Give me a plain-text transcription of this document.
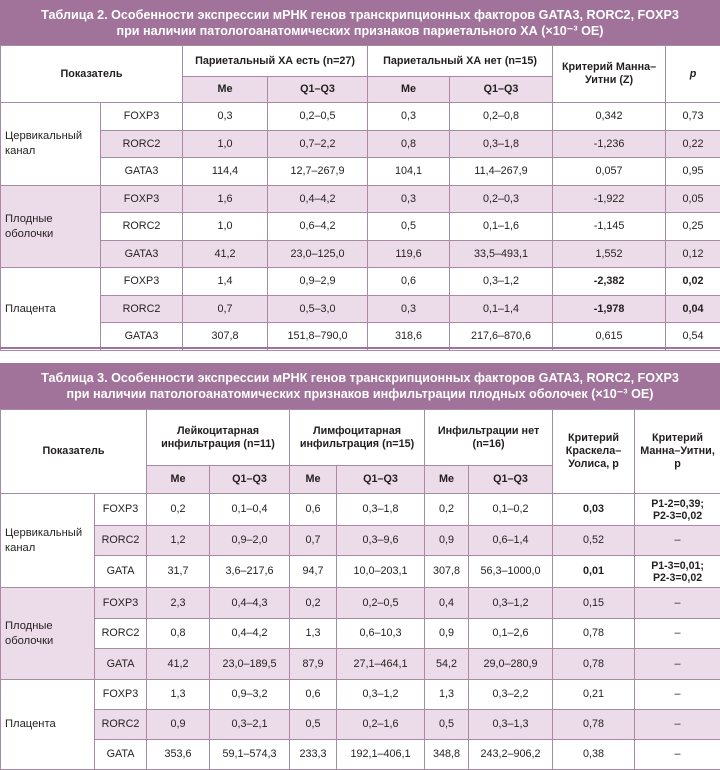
Таблица 2. Особенности экспрессии мРНК генов транскрипционных факторов GATA3, RORC2, FOXP3
при наличии патологоанатомических признаков париетального ХА (×10⁻³ ОЕ)
Показатель		Париетальный ХА есть (n=27)		Париетальный ХА нет (n=15)		Критерий Манна–Уитни (Z)	p
		Me	Q1–Q3	Me	Q1–Q3		
Цервикальный канал	FOXP3	0,3	0,2–0,5	0,3	0,2–0,8	0,342	0,73
	RORC2	1,0	0,7–2,2	0,8	0,3–1,8	-1,236	0,22
	GATA3	114,4	12,7–267,9	104,1	11,4–267,9	0,057	0,95
Плодные оболочки	FOXP3	1,6	0,4–4,2	0,3	0,2–0,3	-1,922	0,05
	RORC2	1,0	0,6–4,2	0,5	0,1–1,6	-1,145	0,25
	GATA3	41,2	23,0–125,0	119,6	33,5–493,1	1,552	0,12
Плацента	FOXP3	1,4	0,9–2,9	0,6	0,3–1,2	-2,382	0,02
	RORC2	0,7	0,5–3,0	0,3	0,1–1,4	-1,978	0,04
	GATA3	307,8	151,8–790,0	318,6	217,6–870,6	0,615	0,54
Таблица 3. Особенности экспрессии мРНК генов транскрипционных факторов GATA3, RORC2, FOXP3
при наличии патологоанатомических признаков инфильтрации плодных оболочек (×10⁻³ ОЕ)
Показатель		Лейкоцитарная инфильтрация (n=11)		Лимфоцитарная инфильтрация (n=15)		Инфильтрации нет (n=16)		Критерий Краскела–Уолиса, p	Критерий Манна–Уитни, p
		Me	Q1–Q3	Me	Q1–Q3	Me	Q1–Q3		
Цервикальный канал	FOXP3	0,2	0,1–0,4	0,6	0,3–1,8	0,2	0,1–0,2	0,03	P1-2=0,39;
P2-3=0,02

	RORC2	1,2	0,9–2,0	0,7	0,3–9,6	0,9	0,6–1,4	0,52	–
	GATA	31,7	3,6–217,6	94,7	10,0–203,1	307,8	56,3–1000,0	0,01	P1-3=0,01;
P2-3=0,02

Плодные оболочки	FOXP3	2,3	0,4–4,3	0,2	0,2–0,5	0,4	0,3–1,2	0,15	–
	RORC2	0,8	0,4–4,2	1,3	0,6–10,3	0,9	0,1–2,6	0,78	–
	GATA	41,2	23,0–189,5	87,9	27,1–464,1	54,2	29,0–280,9	0,78	–
Плацента	FOXP3	1,3	0,9–3,2	0,6	0,3–1,2	1,3	0,3–2,2	0,21	–
	RORC2	0,9	0,3–2,1	0,5	0,2–1,6	0,5	0,3–1,3	0,78	–
	GATA	353,6	59,1–574,3	233,3	192,1–406,1	348,8	243,2–906,2	0,38	–
